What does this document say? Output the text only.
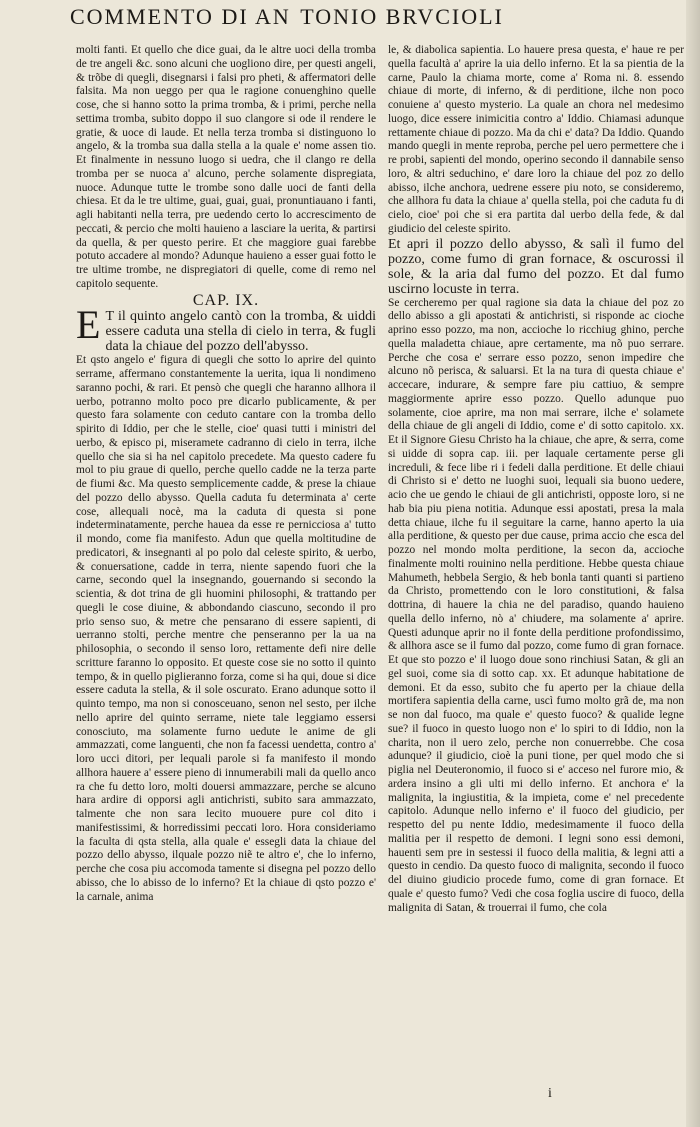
COMMENTO DI AN TONIO BRVCIOLI

molti fanti. Et quello che dice guai, da le altre uoci della tromba de tre angeli &c. sono alcuni che uogliono dire, per questi angeli, & trõbe di quegli, disegnarsi i falsi pro pheti, & affermatori delle falsita. Ma non ueggo per qua le ragione conuenghino quelle cose, che si hanno sotto la prima tromba, & i primi, perche nella settima tromba, subito doppo il suo clangore si ode il rendere le gratie, & uoce di laude. Et nella terza tromba si distinguono lo angelo, & la tromba sua dalla stella a la quale e' nome assen tio. Et finalmente in nessuno luogo si uedra, che il clango re della tromba per se nuoca a' alcuno, perche solamente dispregiata, nuoce. Adunque tutte le trombe sono dalle uoci de fanti della chiesa. Et da le tre ultime, guai, guai, guai, pronuntiauano i fanti, agli habitanti nella terra, pre uedendo certo lo accrescimento de peccati, & percio che molti hauieno a lasciare la uerita, & partirsi da quella, & per questo perire. Et che maggiore guai farebbe potuto accadere al mondo? Adunque hauieno a esser guai fotto le tre ultime trombe, ne dispregiatori di quelle, come di remo nel capitolo sequente.

CAP. IX.

E T il quinto angelo cantò con la tromba, & uiddi essere caduta una stella di cielo in terra, & fugli data la chiaue del pozzo dell'abysso.

Et qsto angelo e' figura di quegli che sotto lo aprire del quinto serrame, affermano constantemente la uerita, iqua li nondimeno saranno pochi, & rari. Et pensò che quegli che haranno allhora il uerbo, potranno molto poco pre dicarlo publicamente, & per questo fara solamente con ceduto cantare con la tromba dello spirito di Iddio, per che le stelle, cioe' quasi tutti i ministri del uerbo, & episco pi, miseramete cadranno di cielo in terra, ilche quello che sia si ha nel capitolo precedete. Ma questo cadere fu mol to piu graue di quello, perche quello cadde ne la terza parte de fiumi &c. Ma questo semplicemente cadde, & prese la chiaue del pozzo dello abysso. Quella caduta fu determinata a' certe cose, allequali nocè, ma la caduta di questa si pone indeterminatamente, perche hauea da esse re pernicciosa a' tutto il mondo, come fia manifesto. Adun que quella moltitudine de predicatori, & insegnanti al po polo dal celeste spirito, & uerbo, & conuersatione, cadde in terra, niente sapendo fuori che la carne, secondo quel la insegnando, gouernando si secondo la scientia, & dot trina de gli huomini philosophi, & trattando per quegli le cose diuine, & abbondando ciascuno, secondo il pro prio senso suo, & metre che pensarano di essere sapienti, di uerranno stolti, perche mentre che penseranno per la ua na philosophia, o secondo il senso loro, rettamente defi nire delle scritture faranno lo opposito. Et queste cose sie no sotto il quinto tempo, & in quello piglieranno forza, come si ha qui, doue si dice essere caduta la stella, & il sole oscurato. Erano adunque sotto il quinto tempo, ma non si conosceuano, senon nel sesto, per ilche nello aprire del quinto serrame, niete tale leggiamo essersi conosciuto, ma solamente furno uedute le anime de gli ammazzati, come languenti, che non fa facessi uendetta, contro a' loro ucci ditori, per lequali parole si fa manifesto il mondo allhora hauere a' essere pieno di innumerabili mali da quello anco ra che fu detto loro, molti douersi ammazzare, perche se alcuno hara ardire di opporsi agli antichristi, subito sara ammazzato, talmente che non sara lecito muouere pure col dito i manifestissimi, & horredissimi peccati loro. Hora consideriamo la faculta di qsta stella, alla quale e' essegli data la chiaue del pozzo dello abysso, ilquale pozzo niẽ te altro e', che lo inferno, perche che cosa piu accomoda tamente si disegna pel pozzo dello abisso, che lo abisso de lo inferno? Et la chiaue di qsto pozzo e' la carnale, anima

le, & diabolica sapientia. Lo hauere presa questa, e' haue re per quella facultà a' aprire la uia dello inferno. Et la sa pientia de la carne, Paulo la chiama morte, come a' Roma ni. 8. essendo chiaue di morte, di inferno, & di perditione, ilche non poco conuiene a' questo mysterio. La quale an chora nel medesimo luogo, dice essere inimicitia contro a' Iddio. Chiamasi adunque rettamente chiaue di pozzo. Ma da chi e' data? Da Iddio. Quando mando quegli in mente reproba, perche pel uero permettere che i re probi, sapienti del mondo, operino secondo il dannabile senso loro, & altri seduchino, e' dare loro la chiaue del poz zo dello abisso, ilche anchora, uedrene essere piu noto, se consideremo, che allhora fu data la chiaue a' quella stella, poi che caduta fu di cielo, cioe' poi che si era partita dal uerbo della fede, & dal giudicio del celeste spirito.

Et apri il pozzo dello abysso, & salì il fumo del pozzo, come fumo di gran fornace, & oscurossi il sole, & la aria dal fumo del pozzo. Et dal fumo uscirno locuste in terra.

Se cercheremo per qual ragione sia data la chiaue del poz zo dello abisso a gli apostati & antichristi, si risponde ac cioche aprino esso pozzo, ma non, accioche lo ricchiug ghino, perche quella maladetta chiaue, apre certamente, ma nõ puo serrare. Perche che cosa e' serrare esso pozzo, senon impedire che alcuno nõ perisca, & saluarsi. Et la na tura di questa chiaue e' accecare, indurare, & sempre fare piu cattiuo, & sempre maggiormente aprire esso pozzo. Quello adunque puo solamente, cioe aprire, ma non mai serrare, ilche e' solamete della chiaue de gli angeli di Iddio, come e' di sotto capitolo. xx. Et il Signore Giesu Christo ha la chiaue, che apre, & serra, come si uidde di sopra cap. iii. per laquale certamente perse gli increduli, & fece libe ri i fedeli dalla perditione. Et delle chiaui di Christo si e' detto ne luoghi suoi, lequali sia buono uedere, acio che ue gendo le chiaui de gli antichristi, opposte loro, si ne hab bia piu piena notitia. Adunque essi apostati, presa la mala detta chiaue, ilche fu il seguitare la carne, hanno aperto la uia alla perditione, & questo per due cause, prima accio che esca del pozzo nel mondo molta perditione, la secon da, accioche finalmente molti rouinino nella perditione. Hebbe questa chiaue Mahumeth, hebbela Sergio, & heb bonla tanti quanti si partieno da Christo, promettendo con le loro constitutioni, & falsa dottrina, di hauere la chia ne del paradiso, quando hauieno quella dello inferno, nò a' chiudere, ma solamente a' aprire. Questi adunque aprir no il fonte della perditione profondissimo, & allhora asce se il fumo dal pozzo, come fumo di gran fornace. Et que sto pozzo e' il luogo doue sono rinchiusi Satan, & gli an gel suoi, come sia di sotto cap. xx. Et adunque habitatione de demoni. Et da esso, subito che fu aperto per la chiaue della mortifera sapientia della carne, uscì fumo molto grã de, ma non se non dal fuoco, ma quale e' questo fuoco? & qualide legne sue? il fuoco in questo luogo non e' lo spiri to di Iddio, non la charita, non il uero zelo, perche non conuerrebbe. Che cosa adunque? il giudicio, cioè la puni tione, per quel modo che si piglia nel Deuteronomio, il fuoco si e' acceso nel furore mio, & ardera insino a gli ulti mi dello inferno. Et anchora e' la malignita, la ingiustitia, & la impieta, come e' nel precedente capitolo. Adunque nello inferno e' il fuoco del giudicio, per respetto del pu nente Iddio, medesimamente il fuoco della malitia per il respetto de demoni. I legni sono essi demoni, hauenti sem pre in sestessi il fuoco della malitia, & legni atti a questo in cendio. Da questo fuoco di malignita, secondo il fuoco del diuino giudicio procede fumo, come di gran fornace. Et quale e' questo fumo? Vedi che cosa foglia uscire di fuoco, della malignita di Satan, & trouerrai il fumo, che cola

i
